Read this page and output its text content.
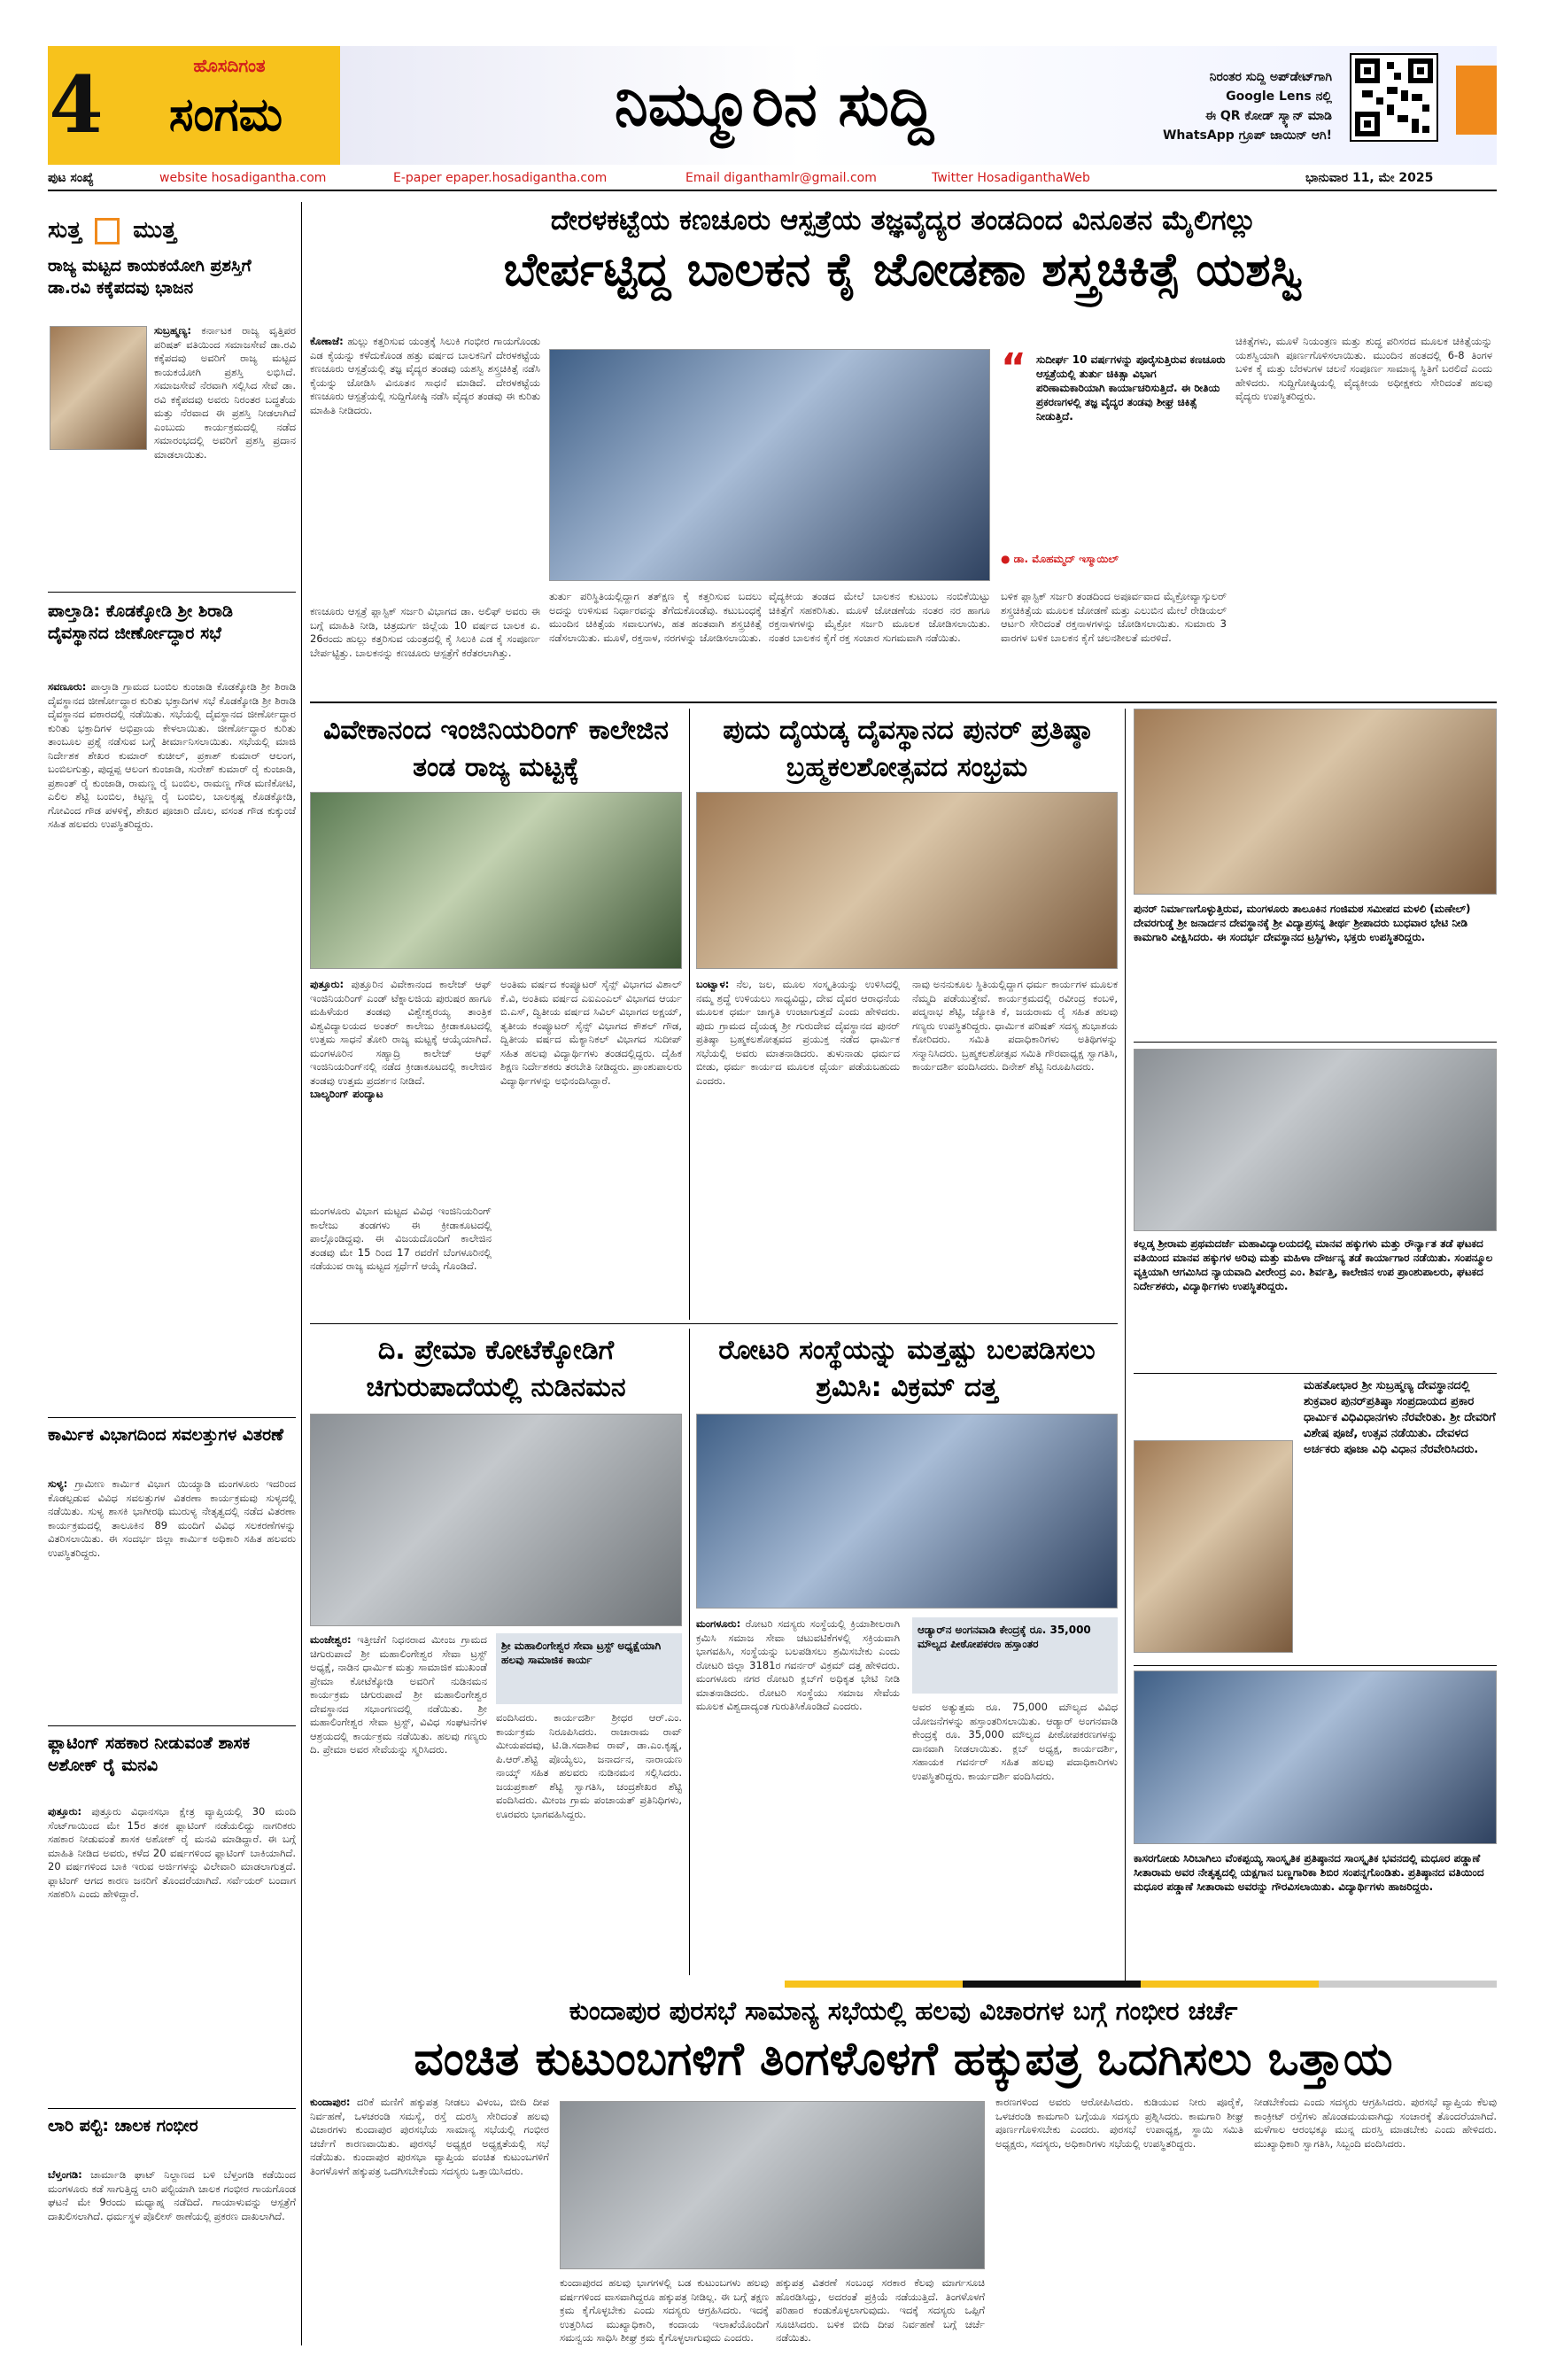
4	ಹೊಸದಿಗಂತ
ಸಂಗಮ	ನಿಮ್ಮೂರಿನ ಸುದ್ದಿ	ನಿರಂತರ ಸುದ್ದಿ ಅಪ್‌ಡೇಟ್‌ಗಾಗಿ
Google Lens ನಲ್ಲಿ
ಈ QR ಕೋಡ್ ಸ್ಕ್ಯಾನ್ ಮಾಡಿ
WhatsApp ಗ್ರೂಪ್ ಜಾಯಿನ್ ಆಗಿ!
ಪುಟ ಸಂಖ್ಯೆ	website hosadigantha.com	E-paper epaper.hosadigantha.com	Email diganthamlr@gmail.com	Twitter HosadiganthaWeb	ಭಾನುವಾರ 11, ಮೇ 2025
ಸುತ್ತ ಮುತ್ತ
ರಾಜ್ಯ ಮಟ್ಟದ ಕಾಯಕಯೋಗಿ ಪ್ರಶಸ್ತಿಗೆ ಡಾ.ರವಿ ಕಕ್ಕೆಪದವು ಭಾಜನ
ಸುಬ್ರಹ್ಮಣ್ಯ: ಕರ್ನಾಟಕ ರಾಜ್ಯ ವೃತ್ತಿಪರ ಪರಿಷತ್ ವತಿಯಿಂದ ಸಮಾಜಸೇವೆ ಡಾ.ರವಿ ಕಕ್ಕೆಪದವು ಅವರಿಗೆ ರಾಜ್ಯ ಮಟ್ಟದ ಕಾಯಕಯೋಗಿ ಪ್ರಶಸ್ತಿ ಲಭಿಸಿದೆ. ಸಮಾಜಸೇವೆ ನೆರವಾಗಿ ಸಲ್ಲಿಸಿದ ಸೇವೆ ಡಾ. ರವಿ ಕಕ್ಕೆಪದವು ಅವರು ನಿರಂತರ ಬದ್ಧತೆಯ ಮತ್ತು ನೆರವಾದ ಈ ಪ್ರಶಸ್ತಿ ನೀಡಲಾಗಿದೆ ಎಂಬುದು ಕಾರ್ಯಕ್ರಮದಲ್ಲಿ ನಡೆದ ಸಮಾರಂಭದಲ್ಲಿ ಅವರಿಗೆ ಪ್ರಶಸ್ತಿ ಪ್ರದಾನ ಮಾಡಲಾಯಿತು.
ಪಾಲ್ತಾಡಿ: ಕೊಡಕ್ಕೋಡಿ ಶ್ರೀ ಶಿರಾಡಿ ದೈವಸ್ಥಾನದ ಜೀರ್ಣೋದ್ಧಾರ ಸಭೆ
ಸವಣೂರು: ಪಾಲ್ತಾಡಿ ಗ್ರಾಮದ ಬಂಬಿಲ ಕುಂಜಾಡಿ ಕೊಡಕ್ಕೋಡಿ ಶ್ರೀ ಶಿರಾಡಿ ದೈವಸ್ಥಾನದ ಜೀರ್ಣೋದ್ಧಾರ ಕುರಿತು ಭಕ್ತಾದಿಗಳ ಸಭೆ ಕೊಡಕ್ಕೋಡಿ ಶ್ರೀ ಶಿರಾಡಿ ದೈವಸ್ಥಾನದ ವಠಾರದಲ್ಲಿ ನಡೆಯಿತು. ಸಭೆಯಲ್ಲಿ ದೈವಸ್ಥಾನದ ಜೀರ್ಣೋದ್ಧಾರ ಕುರಿತು ಭಕ್ತಾದಿಗಳ ಅಭಿಪ್ರಾಯ ಕೇಳಲಾಯಿತು. ಜೀರ್ಣೋದ್ಧಾರ ಕುರಿತು ತಾಂಬೂಲ ಪ್ರಶ್ನೆ ನಡೆಸುವ ಬಗ್ಗೆ ತೀರ್ಮಾನಿಸಲಾಯಿತು. ಸಭೆಯಲ್ಲಿ ಮಾಜಿ ನಿರ್ದೇಶಕ ಶೇಖರ ಕುಮಾರ್ ಕುಚೀಲ್, ಪ್ರಕಾಶ್ ಕುಮಾರ್ ಆಲಂಗ, ಬಂಬಿಲಗುತ್ತು, ಪುದ್ದಪ್ಪ ಆಲಂಗ ಕುಂಜಾಡಿ, ಸುರೇಶ್ ಕುಮಾರ್ ರೈ ಕುಂಜಾಡಿ, ಪ್ರಶಾಂತ್ ರೈ ಕುಂಜಾಡಿ, ರಾಮಣ್ಣ ರೈ ಬಂಬಿಲ, ರಾಮಣ್ಣ ಗೌಡ ಮಣಿಕೋಟಿ, ಎಲಿಲ ಶೆಟ್ಟಿ ಬಂಬಿಲ, ಕಿಟ್ಟಣ್ಣ ರೈ ಬಂಬಿಲ, ಬಾಲಕೃಷ್ಣ ಕೊಡಕ್ಕೋಡಿ, ಗೋವಿಂದ ಗೌಡ ಪಳಳಿಕ್ಕೆ, ಶೇಖರ ಪೂಜಾರಿ ದೊಲ, ವಸಂತ ಗೌಡ ಕುಕ್ಕುಂಜೆ ಸಹಿತ ಹಲವರು ಉಪಸ್ಥಿತರಿದ್ದರು.
ಕಾರ್ಮಿಕ ವಿಭಾಗದಿಂದ ಸವಲತ್ತುಗಳ ವಿತರಣೆ
ಸುಳ್ಯ: ಗ್ರಾಮೀಣ ಕಾರ್ಮಿಕ ವಿಭಾಗ ಯಿಯ್ಯಾಡಿ ಮಂಗಳೂರು ಇದರಿಂದ ಕೊಡಲ್ಪಡುವ ವಿವಿಧ ಸವಲತ್ತುಗಳ ವಿತರಣಾ ಕಾರ್ಯಕ್ರಮವು ಸುಳ್ಯದಲ್ಲಿ ನಡೆಯಿತು. ಸುಳ್ಯ ಶಾಸಕಿ ಭಾಗೀರಥಿ ಮುರುಳ್ಯ ನೇತೃತ್ವದಲ್ಲಿ ನಡೆದ ವಿತರಣಾ ಕಾರ್ಯಕ್ರಮದಲ್ಲಿ ತಾಲೂಕಿನ 89 ಮಂದಿಗೆ ವಿವಿಧ ಸಲಕರಣೆಗಳನ್ನು ವಿತರಿಸಲಾಯಿತು. ಈ ಸಂದರ್ಭ ಜಿಲ್ಲಾ ಕಾರ್ಮಿಕ ಅಧಿಕಾರಿ ಸಹಿತ ಹಲವರು ಉಪಸ್ಥಿತರಿದ್ದರು.
ಫ್ಲಾಟಿಂಗ್ ಸಹಕಾರ ನೀಡುವಂತೆ ಶಾಸಕ ಅಶೋಕ್ ರೈ ಮನವಿ
ಪುತ್ತೂರು: ಪುತ್ತೂರು ವಿಧಾನಸಭಾ ಕ್ಷೇತ್ರ ವ್ಯಾಪ್ತಿಯಲ್ಲಿ 30 ಮಂದಿ ಸೆಂಟ್‌ಗಾಯಿಂದ ಮೇ 15ರ ತನಕ ಫ್ಲಾಟಿಂಗ್ ನಡೆಯಲಿದ್ದು ನಾಗರಿಕರು ಸಹಕಾರ ನೀಡುವಂತೆ ಶಾಸಕ ಅಶೋಕ್ ರೈ ಮನವಿ ಮಾಡಿದ್ದಾರೆ. ಈ ಬಗ್ಗೆ ಮಾಹಿತಿ ನೀಡಿದ ಅವರು, ಕಳೆದ 20 ವರ್ಷಗಳಿಂದ ಫ್ಲಾಟಿಂಗ್ ಬಾಕಿಯಾಗಿದೆ. 20 ವರ್ಷಗಳಿಂದ ಬಾಕಿ ಇರುವ ಅರ್ಜಿಗಳನ್ನು ವಿಲೇವಾರಿ ಮಾಡಲಾಗುತ್ತದೆ. ಫ್ಲಾಟಿಂಗ್ ಆಗದ ಕಾರಣ ಜನರಿಗೆ ತೊಂದರೆಯಾಗಿದೆ. ಸರ್ವೆಯರ್ ಬಂದಾಗ ಸಹಕರಿಸಿ ಎಂದು ಹೇಳಿದ್ದಾರೆ.
ಲಾರಿ ಪಲ್ಟಿ: ಚಾಲಕ ಗಂಭೀರ
ಬೆಳ್ತಂಗಡಿ: ಚಾರ್ಮಾಡಿ ಘಾಟ್ ನಿಲ್ದಾಣದ ಬಳಿ ಬೆಳ್ತಂಗಡಿ ಕಡೆಯಿಂದ ಮಂಗಳೂರು ಕಡೆ ಸಾಗುತ್ತಿದ್ದ ಲಾರಿ ಪಲ್ಟಿಯಾಗಿ ಚಾಲಕ ಗಂಭೀರ ಗಾಯಗೊಂಡ ಘಟನೆ ಮೇ 9ರಂದು ಮಧ್ಯಾಹ್ನ ನಡೆದಿದೆ. ಗಾಯಾಳುವನ್ನು ಆಸ್ಪತ್ರೆಗೆ ದಾಖಲಿಸಲಾಗಿದೆ. ಧರ್ಮಸ್ಥಳ ಪೊಲೀಸ್ ಠಾಣೆಯಲ್ಲಿ ಪ್ರಕರಣ ದಾಖಲಾಗಿದೆ.
ದೇರಳಕಟ್ಟೆಯ ಕಣಚೂರು ಆಸ್ಪತ್ರೆಯ ತಜ್ಞವೈದ್ಯರ ತಂಡದಿಂದ ವಿನೂತನ ಮೈಲಿಗಲ್ಲು
ಬೇರ್ಪಟ್ಟಿದ್ದ ಬಾಲಕನ ಕೈ ಜೋಡಣಾ ಶಸ್ತ್ರಚಿಕಿತ್ಸೆ ಯಶಸ್ವಿ
ಕೊಣಾಜೆ: ಹುಲ್ಲು ಕತ್ತರಿಸುವ ಯಂತ್ರಕ್ಕೆ ಸಿಲುಕಿ ಗಂಭೀರ ಗಾಯಗೊಂಡು ಎಡ ಕೈಯನ್ನು ಕಳೆದುಕೊಂಡ ಹತ್ತು ವರ್ಷದ ಬಾಲಕನಿಗೆ ದೇರಳಕಟ್ಟೆಯ ಕಣಚೂರು ಆಸ್ಪತ್ರೆಯಲ್ಲಿ ತಜ್ಞ ವೈದ್ಯರ ತಂಡವು ಯಶಸ್ವಿ ಶಸ್ತ್ರಚಿಕಿತ್ಸೆ ನಡೆಸಿ ಕೈಯನ್ನು ಜೋಡಿಸಿ ವಿನೂತನ ಸಾಧನೆ ಮಾಡಿದೆ. ದೇರಳಕಟ್ಟೆಯ ಕಣಚೂರು ಆಸ್ಪತ್ರೆಯಲ್ಲಿ ಸುದ್ದಿಗೋಷ್ಠಿ ನಡೆಸಿ ವೈದ್ಯರ ತಂಡವು ಈ ಕುರಿತು ಮಾಹಿತಿ ನೀಡಿದರು.
ಕಣಚೂರು ಆಸ್ಪತ್ರೆ ಪ್ಲಾಸ್ಟಿಕ್ ಸರ್ಜರಿ ವಿಭಾಗದ ಡಾ. ಅಲಿಫ್ ಅವರು ಈ ಬಗ್ಗೆ ಮಾಹಿತಿ ನೀಡಿ, ಚಿತ್ರದುರ್ಗ ಜಿಲ್ಲೆಯ 10 ವರ್ಷದ ಬಾಲಕ ಏ. 26ರಂದು ಹುಲ್ಲು ಕತ್ತರಿಸುವ ಯಂತ್ರದಲ್ಲಿ ಕೈ ಸಿಲುಕಿ ಎಡ ಕೈ ಸಂಪೂರ್ಣ ಬೇರ್ಪಟ್ಟಿತ್ತು. ಬಾಲಕನನ್ನು ಕಣಚೂರು ಆಸ್ಪತ್ರೆಗೆ ಕರೆತರಲಾಗಿತ್ತು.
ತುರ್ತು ಪರಿಸ್ಥಿತಿಯಲ್ಲಿದ್ದಾಗ ತತ್‌ಕ್ಷಣ ಕೈ ಕತ್ತರಿಸುವ ಬದಲು ಅದನ್ನು ಉಳಿಸುವ ನಿರ್ಧಾರವನ್ನು ತೆಗೆದುಕೊಂಡೆವು. ಕಟುಬಂಧಕ್ಕೆ ಮುಂದಿನ ಚಿಕಿತ್ಸೆಯ ಸವಾಲುಗಳು, ಹತ ಹಂತವಾಗಿ ಶಸ್ತ್ರಚಿಕಿತ್ಸೆ ನಡೆಸಲಾಯಿತು. ಮೂಳೆ, ರಕ್ತನಾಳ, ನರಗಳನ್ನು ಜೋಡಿಸಲಾಯಿತು.
ವೈದ್ಯಕೀಯ ತಂಡದ ಮೇಲೆ ಬಾಲಕನ ಕುಟುಂಬ ನಂಬಿಕೆಯಿಟ್ಟು ಚಿಕಿತ್ಸೆಗೆ ಸಹಕರಿಸಿತು. ಮೂಳೆ ಜೋಡಣೆಯ ನಂತರ ನರ ಹಾಗೂ ರಕ್ತನಾಳಗಳನ್ನು ಮೈಕ್ರೋ ಸರ್ಜರಿ ಮೂಲಕ ಜೋಡಿಸಲಾಯಿತು. ನಂತರ ಬಾಲಕನ ಕೈಗೆ ರಕ್ತ ಸಂಚಾರ ಸುಗಮವಾಗಿ ನಡೆಯಿತು.
“ ಸುದೀರ್ಘ 10 ವರ್ಷಗಳನ್ನು ಪೂರೈಸುತ್ತಿರುವ ಕಣಚೂರು ಆಸ್ಪತ್ರೆಯಲ್ಲಿ ತುರ್ತು ಚಿಕಿತ್ಸಾ ವಿಭಾಗ ಪರಿಣಾಮಕಾರಿಯಾಗಿ ಕಾರ್ಯಾಚರಿಸುತ್ತಿದೆ. ಈ ರೀತಿಯ ಪ್ರಕರಣಗಳಲ್ಲಿ ತಜ್ಞ ವೈದ್ಯರ ತಂಡವು ಶೀಘ್ರ ಚಿಕಿತ್ಸೆ ನೀಡುತ್ತಿದೆ.
● ಡಾ. ಮೊಹಮ್ಮದ್ ಇಸ್ಮಾಯಿಲ್
ಬಳಿಕ ಪ್ಲಾಸ್ಟಿಕ್ ಸರ್ಜರಿ ತಂಡದಿಂದ ಅಪೂರ್ವವಾದ ಮೈಕ್ರೋವ್ಯಾಸ್ಕುಲರ್ ಶಸ್ತ್ರಚಿಕಿತ್ಸೆಯ ಮೂಲಕ ಜೋಡಣೆ ಮತ್ತು ಎಲುಬಿನ ಮೇಲೆ ರೇಡಿಯಲ್ ಆರ್ಟರಿ ಸೇರಿದಂತೆ ರಕ್ತನಾಳಗಳನ್ನು ಜೋಡಿಸಲಾಯಿತು. ಸುಮಾರು 3 ವಾರಗಳ ಬಳಿಕ ಬಾಲಕನ ಕೈಗೆ ಚಲನಶೀಲತೆ ಮರಳಿದೆ.
ಚಿಕಿತ್ಸೆಗಳು, ಮೂಳೆ ನಿಯಂತ್ರಣ ಮತ್ತು ಶುದ್ಧ ಪರಿಸರದ ಮೂಲಕ ಚಿಕಿತ್ಸೆಯನ್ನು ಯಶಸ್ವಿಯಾಗಿ ಪೂರ್ಣಗೊಳಿಸಲಾಯಿತು. ಮುಂದಿನ ಹಂತದಲ್ಲಿ 6-8 ತಿಂಗಳ ಬಳಿಕ ಕೈ ಮತ್ತು ಬೆರಳುಗಳ ಚಲನೆ ಸಂಪೂರ್ಣ ಸಾಮಾನ್ಯ ಸ್ಥಿತಿಗೆ ಬರಲಿದೆ ಎಂದು ಹೇಳಿದರು. ಸುದ್ದಿಗೋಷ್ಠಿಯಲ್ಲಿ ವೈದ್ಯಕೀಯ ಅಧೀಕ್ಷಕರು ಸೇರಿದಂತೆ ಹಲವು ವೈದ್ಯರು ಉಪಸ್ಥಿತರಿದ್ದರು.
ವಿವೇಕಾನಂದ ಇಂಜಿನಿಯರಿಂಗ್ ಕಾಲೇಜಿನ ತಂಡ ರಾಜ್ಯ ಮಟ್ಟಕ್ಕೆ
ಪುತ್ತೂರು: ಪುತ್ತೂರಿನ ವಿವೇಕಾನಂದ ಕಾಲೇಜ್ ಆಫ್ ಇಂಜಿನಿಯರಿಂಗ್ ಎಂಡ್ ಟೆಕ್ನಾಲಜಿಯ ಪುರುಷರ ಹಾಗೂ ಮಹಿಳೆಯರ ತಂಡವು ವಿಶ್ವೇಶ್ವರಯ್ಯ ತಾಂತ್ರಿಕ ವಿಶ್ವವಿದ್ಯಾಲಯದ ಅಂತರ್ ಕಾಲೇಜು ಕ್ರೀಡಾಕೂಟದಲ್ಲಿ ಉತ್ತಮ ಸಾಧನೆ ತೋರಿ ರಾಜ್ಯ ಮಟ್ಟಕ್ಕೆ ಆಯ್ಕೆಯಾಗಿದೆ. ಮಂಗಳೂರಿನ ಸಹ್ಯಾದ್ರಿ ಕಾಲೇಜ್ ಆಫ್ ಇಂಜಿನಿಯರಿಂಗ್‌ನಲ್ಲಿ ನಡೆದ ಕ್ರೀಡಾಕೂಟದಲ್ಲಿ ಕಾಲೇಜಿನ ತಂಡವು ಉತ್ತಮ ಪ್ರದರ್ಶನ ನೀಡಿದೆ.
ಬಾಲ್ಯರಿಂಗ್ ಪಂದ್ಯಾಟ
ಮಂಗಳೂರು ವಿಭಾಗ ಮಟ್ಟದ ವಿವಿಧ ಇಂಜಿನಿಯರಿಂಗ್ ಕಾಲೇಜು ತಂಡಗಳು ಈ ಕ್ರೀಡಾಕೂಟದಲ್ಲಿ ಪಾಲ್ಗೊಂಡಿದ್ದವು. ಈ ವಿಜಯದೊಂದಿಗೆ ಕಾಲೇಜಿನ ತಂಡವು ಮೇ 15 ರಿಂದ 17 ರವರೆಗೆ ಬೆಂಗಳೂರಿನಲ್ಲಿ ನಡೆಯುವ ರಾಜ್ಯ ಮಟ್ಟದ ಸ್ಪರ್ಧೆಗೆ ಆಯ್ಕೆ ಗೊಂಡಿದೆ.
ಅಂತಿಮ ವರ್ಷದ ಕಂಪ್ಯೂಟರ್ ಸೈನ್ಸ್ ವಿಭಾಗದ ವಿಶಾಲ್ ಕೆ.ವಿ, ಅಂತಿಮ ವರ್ಷದ ಎಐಎಂಎಲ್ ವಿಭಾಗದ ಆರ್ಯ ಬಿ.ಎಸ್, ದ್ವಿತೀಯ ವರ್ಷದ ಸಿವಿಲ್ ವಿಭಾಗದ ಅಕ್ಷಯ್, ತೃತೀಯ ಕಂಪ್ಯೂಟರ್ ಸೈನ್ಸ್ ವಿಭಾಗದ ಕೌಶಲ್ ಗೌಡ, ದ್ವಿತೀಯ ವರ್ಷದ ಮೆಕ್ಯಾನಿಕಲ್ ವಿಭಾಗದ ಸುದೀಪ್ ಸಹಿತ ಹಲವು ವಿದ್ಯಾರ್ಥಿಗಳು ತಂಡದಲ್ಲಿದ್ದರು. ದೈಹಿಕ ಶಿಕ್ಷಣ ನಿರ್ದೇಶಕರು ತರಬೇತಿ ನೀಡಿದ್ದರು. ಪ್ರಾಂಶುಪಾಲರು ವಿದ್ಯಾರ್ಥಿಗಳನ್ನು ಅಭಿನಂದಿಸಿದ್ದಾರೆ.
ಪುದು ದೈಯಡ್ಕ ದೈವಸ್ಥಾನದ ಪುನರ್ ಪ್ರತಿಷ್ಠಾ ಬ್ರಹ್ಮಕಲಶೋತ್ಸವದ ಸಂಭ್ರಮ
ಬಂಟ್ವಾಳ: ನೆಲ, ಜಲ, ಮೂಲ ಸಂಸ್ಕೃತಿಯನ್ನು ಉಳಿಸಿದಲ್ಲಿ ನಮ್ಮ ಶ್ರದ್ಧೆ ಉಳಿಯಲು ಸಾಧ್ಯವಿದ್ದು, ದೇವ ದೈವರ ಆರಾಧನೆಯ ಮೂಲಕ ಧರ್ಮ ಜಾಗೃತಿ ಉಂಟಾಗುತ್ತದೆ ಎಂದು ಹೇಳಿದರು. ಪುದು ಗ್ರಾಮದ ದೈಯಡ್ಕ ಶ್ರೀ ಗುರುದೇವ ದೈವಸ್ಥಾನದ ಪುನರ್ ಪ್ರತಿಷ್ಠಾ ಬ್ರಹ್ಮಕಲಶೋತ್ಸವದ ಪ್ರಯುಕ್ತ ನಡೆದ ಧಾರ್ಮಿಕ ಸಭೆಯಲ್ಲಿ ಅವರು ಮಾತನಾಡಿದರು. ತುಳುನಾಡು ಧರ್ಮದ ಬೀಡು, ಧರ್ಮ ಕಾರ್ಯದ ಮೂಲಕ ಧೈರ್ಯ ಪಡೆಯಬಹುದು ಎಂದರು.
ನಾವು ಅನನುಕೂಲ ಸ್ಥಿತಿಯಲ್ಲಿದ್ದಾಗ ಧರ್ಮ ಕಾರ್ಯಗಳ ಮೂಲಕ ನೆಮ್ಮದಿ ಪಡೆಯುತ್ತೇವೆ. ಕಾರ್ಯಕ್ರಮದಲ್ಲಿ ರವೀಂದ್ರ ಕಂಬಳಿ, ಪದ್ಮನಾಭ ಶೆಟ್ಟಿ, ಜ್ಯೋತಿ ಕೆ, ಜಯರಾಮ ರೈ ಸಹಿತ ಹಲವು ಗಣ್ಯರು ಉಪಸ್ಥಿತರಿದ್ದರು. ಧಾರ್ಮಿಕ ಪರಿಷತ್ ಸದಸ್ಯ ಶುಭಾಶಯ ಕೋರಿದರು. ಸಮಿತಿ ಪದಾಧಿಕಾರಿಗಳು ಅತಿಥಿಗಳನ್ನು ಸನ್ಮಾನಿಸಿದರು. ಬ್ರಹ್ಮಕಲಶೋತ್ಸವ ಸಮಿತಿ ಗೌರವಾಧ್ಯಕ್ಷ ಸ್ವಾಗತಿಸಿ, ಕಾರ್ಯದರ್ಶಿ ವಂದಿಸಿದರು. ದಿನೇಶ್ ಶೆಟ್ಟಿ ನಿರೂಪಿಸಿದರು.
ಪುನರ್ ನಿರ್ಮಾಣಗೊಳ್ಳುತ್ತಿರುವ, ಮಂಗಳೂರು ತಾಲೂಕಿನ ಗಂಜಿಮಠ ಸಮೀಪದ ಮಳಲಿ (ಮಣೇಲ್) ದೇವರಗುಡ್ಡೆ ಶ್ರೀ ಜನಾರ್ದನ ದೇವಸ್ಥಾನಕ್ಕೆ ಶ್ರೀ ವಿದ್ಯಾಪ್ರಸನ್ನ ತೀರ್ಥ ಶ್ರೀಪಾದರು ಬುಧವಾರ ಭೇಟಿ ನೀಡಿ ಕಾಮಗಾರಿ ವೀಕ್ಷಿಸಿದರು. ಈ ಸಂದರ್ಭ ದೇವಸ್ಥಾನದ ಟ್ರಸ್ಟಿಗಳು, ಭಕ್ತರು ಉಪಸ್ಥಿತರಿದ್ದರು.
ಕಲ್ಲಡ್ಕ ಶ್ರೀರಾಮ ಪ್ರಥಮದರ್ಜೆ ಮಹಾವಿದ್ಯಾಲಯದಲ್ಲಿ ಮಾನವ ಹಕ್ಕುಗಳು ಮತ್ತು ರೌರ್ನ್ಯಾತ ತಡೆ ಘಟಕದ ವತಿಯಿಂದ ಮಾನವ ಹಕ್ಕುಗಳ ಅರಿವು ಮತ್ತು ಮಹಿಳಾ ದೌರ್ಜನ್ಯ ತಡೆ ಕಾರ್ಯಾಗಾರ ನಡೆಯಿತು. ಸಂಪನ್ಮೂಲ ವ್ಯಕ್ತಿಯಾಗಿ ಆಗಮಿಸಿದ ನ್ಯಾಯವಾದಿ ವೀರೇಂದ್ರ ಎಂ. ಶಿರ್ವತ್ತಿ, ಕಾಲೇಜಿನ ಉಪ ಪ್ರಾಂಶುಪಾಲರು, ಘಟಕದ ನಿರ್ದೇಶಕರು, ವಿದ್ಯಾರ್ಥಿಗಳು ಉಪಸ್ಥಿತರಿದ್ದರು.
ಮಹತೋಭಾರ ಶ್ರೀ ಸುಬ್ರಹ್ಮಣ್ಯ ದೇವಸ್ಥಾನದಲ್ಲಿ ಶುಕ್ರವಾರ ಪುನರ್‌ಪ್ರತಿಷ್ಠಾ ಸಂಪ್ರದಾಯದ ಪ್ರಕಾರ ಧಾರ್ಮಿಕ ವಿಧಿವಿಧಾನಗಳು ನೆರವೇರಿತು. ಶ್ರೀ ದೇವರಿಗೆ ವಿಶೇಷ ಪೂಜೆ, ಉತ್ಸವ ನಡೆಯಿತು. ದೇವಳದ ಅರ್ಚಕರು ಪೂಜಾ ವಿಧಿ ವಿಧಾನ ನೆರವೇರಿಸಿದರು.
ಕಾಸರಗೋಡು ಸಿರಿಬಾಗಿಲು ವೆಂಕಪ್ಪಯ್ಯ ಸಾಂಸ್ಕೃತಿಕ ಪ್ರತಿಷ್ಠಾನದ ಸಾಂಸ್ಕೃತಿಕ ಭವನದಲ್ಲಿ ಮಧೂರ ಪಡ್ಡಾಣೆ ಸೀತಾರಾಮ ಅವರ ನೇತೃತ್ವದಲ್ಲಿ ಯಕ್ಷಗಾನ ಬಣ್ಣಗಾರಿಕಾ ಶಿಬಿರ ಸಂಪನ್ನಗೊಂಡಿತು. ಪ್ರತಿಷ್ಠಾನದ ವತಿಯಿಂದ ಮಧೂರ ಪಡ್ಡಾಣೆ ಸೀತಾರಾಮ ಅವರನ್ನು ಗೌರವಿಸಲಾಯಿತು. ವಿದ್ಯಾರ್ಥಿಗಳು ಹಾಜರಿದ್ದರು.
ದಿ. ಪ್ರೇಮಾ ಕೋಟೆಕ್ಕೋಡಿಗೆ ಚಿಗುರುಪಾದೆಯಲ್ಲಿ ನುಡಿನಮನ
ಮಂಜೇಶ್ವರ: ಇತ್ತೀಚೆಗೆ ನಿಧನರಾದ ಮೀಂಜ ಗ್ರಾಮದ ಚಿಗುರುಪಾದೆ ಶ್ರೀ ಮಹಾಲಿಂಗೇಶ್ವರ ಸೇವಾ ಟ್ರಸ್ಟ್ ಅಧ್ಯಕ್ಷೆ, ನಾಡಿನ ಧಾರ್ಮಿಕ ಮತ್ತು ಸಾಮಾಜಿಕ ಮುಖಂಡೆ ಪ್ರೇಮಾ ಕೋಟೆಕ್ಕೋಡಿ ಅವರಿಗೆ ನುಡಿನಮನ ಕಾರ್ಯಕ್ರಮ ಚಿಗುರುಪಾದೆ ಶ್ರೀ ಮಹಾಲಿಂಗೇಶ್ವರ ದೇವಸ್ಥಾನದ ಸಭಾಂಗಣದಲ್ಲಿ ನಡೆಯಿತು. ಶ್ರೀ ಮಹಾಲಿಂಗೇಶ್ವರ ಸೇವಾ ಟ್ರಸ್ಟ್, ವಿವಿಧ ಸಂಘಟನೆಗಳ ಆಶ್ರಯದಲ್ಲಿ ಕಾರ್ಯಕ್ರಮ ನಡೆಯಿತು. ಹಲವು ಗಣ್ಯರು ದಿ. ಪ್ರೇಮಾ ಅವರ ಸೇವೆಯನ್ನು ಸ್ಮರಿಸಿದರು.
ಶ್ರೀ ಮಹಾಲಿಂಗೇಶ್ವರ ಸೇವಾ ಟ್ರಸ್ಟ್ ಅಧ್ಯಕ್ಷೆಯಾಗಿ ಹಲವು ಸಾಮಾಜಿಕ ಕಾರ್ಯ
ವಂದಿಸಿದರು. ಕಾರ್ಯದರ್ಶಿ ಶ್ರೀಧರ ಆರ್.ಎಂ. ಕಾರ್ಯಕ್ರಮ ನಿರೂಪಿಸಿದರು. ರಾಜಾರಾಮ ರಾವ್ ಮೀಯಪದವು, ಟಿ.ಡಿ.ಸದಾಶಿವ ರಾವ್, ಡಾ.ಎಂ.ಕೃಷ್ಣ, ಪಿ.ಆರ್.ಶೆಟ್ಟಿ ಪೊಯ್ಯೆಲು, ಜನಾರ್ದನ, ನಾರಾಯಣ ನಾಯ್ಕ್ ಸಹಿತ ಹಲವರು ನುಡಿನಮನ ಸಲ್ಲಿಸಿದರು. ಜಯಪ್ರಕಾಶ್ ಶೆಟ್ಟಿ ಸ್ವಾಗತಿಸಿ, ಚಂದ್ರಶೇಖರ ಶೆಟ್ಟಿ ವಂದಿಸಿದರು. ಮೀಂಜ ಗ್ರಾಮ ಪಂಚಾಯತ್ ಪ್ರತಿನಿಧಿಗಳು, ಊರವರು ಭಾಗವಹಿಸಿದ್ದರು.
ರೋಟರಿ ಸಂಸ್ಥೆಯನ್ನು ಮತ್ತಷ್ಟು ಬಲಪಡಿಸಲು ಶ್ರಮಿಸಿ: ವಿಕ್ರಮ್ ದತ್ತ
ಮಂಗಳೂರು: ರೋಟರಿ ಸದಸ್ಯರು ಸಂಸ್ಥೆಯಲ್ಲಿ ಕ್ರಿಯಾಶೀಲರಾಗಿ ಕ್ರಮಿಸಿ ಸಮಾಜ ಸೇವಾ ಚಟುವಟಿಕೆಗಳಲ್ಲಿ ಸಕ್ರಿಯವಾಗಿ ಭಾಗವಹಿಸಿ, ಸಂಸ್ಥೆಯನ್ನು ಬಲಪಡಿಸಲು ಶ್ರಮಿಸಬೇಕು ಎಂದು ರೋಟರಿ ಜಿಲ್ಲಾ 3181ರ ಗವರ್ನರ್ ವಿಕ್ರಮ್ ದತ್ತ ಹೇಳಿದರು. ಮಂಗಳೂರು ನಗರ ರೋಟರಿ ಕ್ಲಬ್‌ಗೆ ಅಧಿಕೃತ ಭೇಟಿ ನೀಡಿ ಮಾತನಾಡಿದರು. ರೋಟರಿ ಸಂಸ್ಥೆಯು ಸಮಾಜ ಸೇವೆಯ ಮೂಲಕ ವಿಶ್ವದಾದ್ಯಂತ ಗುರುತಿಸಿಕೊಂಡಿದೆ ಎಂದರು.
ಆಡ್ಯಾರ್‌ನ ಅಂಗನವಾಡಿ ಕೇಂದ್ರಕ್ಕೆ ರೂ. 35,000 ಮೌಲ್ಯದ ಪೀಠೋಪಕರಣ ಹಸ್ತಾಂತರ
ಅವರ ಅತ್ಯುತ್ತಮ ರೂ. 75,000 ಮೌಲ್ಯದ ವಿವಿಧ ಯೋಜನೆಗಳನ್ನು ಹಸ್ತಾಂತರಿಸಲಾಯಿತು. ಆಡ್ಯಾರ್ ಅಂಗನವಾಡಿ ಕೇಂದ್ರಕ್ಕೆ ರೂ. 35,000 ಮೌಲ್ಯದ ಪೀಠೋಪಕರಣಗಳನ್ನು ದಾನವಾಗಿ ನೀಡಲಾಯಿತು. ಕ್ಲಬ್ ಅಧ್ಯಕ್ಷ, ಕಾರ್ಯದರ್ಶಿ, ಸಹಾಯಕ ಗವರ್ನರ್ ಸಹಿತ ಹಲವು ಪದಾಧಿಕಾರಿಗಳು ಉಪಸ್ಥಿತರಿದ್ದರು. ಕಾರ್ಯದರ್ಶಿ ವಂದಿಸಿದರು.
ಕುಂದಾಪುರ ಪುರಸಭೆ ಸಾಮಾನ್ಯ ಸಭೆಯಲ್ಲಿ ಹಲವು ವಿಚಾರಗಳ ಬಗ್ಗೆ ಗಂಭೀರ ಚರ್ಚೆ
ವಂಚಿತ ಕುಟುಂಬಗಳಿಗೆ ತಿಂಗಳೊಳಗೆ ಹಕ್ಕುಪತ್ರ ಒದಗಿಸಲು ಒತ್ತಾಯ
ಕುಂದಾಪುರ: ದರಿಕೆ ಮಣಿಗೆ ಹಕ್ಕುಪತ್ರ ನೀಡಲು ವಿಳಂಬ, ಬೀದಿ ದೀಪ ನಿರ್ವಹಣೆ, ಒಳಚರಂಡಿ ಸಮಸ್ಯೆ, ರಸ್ತೆ ದುರಸ್ತಿ ಸೇರಿದಂತೆ ಹಲವು ವಿಚಾರಗಳು ಕುಂದಾಪುರ ಪುರಸಭೆಯ ಸಾಮಾನ್ಯ ಸಭೆಯಲ್ಲಿ ಗಂಭೀರ ಚರ್ಚೆಗೆ ಕಾರಣವಾಯಿತು. ಪುರಸಭೆ ಅಧ್ಯಕ್ಷರ ಅಧ್ಯಕ್ಷತೆಯಲ್ಲಿ ಸಭೆ ನಡೆಯಿತು. ಕುಂದಾಪುರ ಪುರಸಭಾ ವ್ಯಾಪ್ತಿಯ ವಂಚಿತ ಕುಟುಂಬಗಳಿಗೆ ತಿಂಗಳೊಳಗೆ ಹಕ್ಕುಪತ್ರ ಒದಗಿಸಬೇಕೆಂದು ಸದಸ್ಯರು ಒತ್ತಾಯಿಸಿದರು.
ಕುಂದಾಪುರದ ಹಲವು ಭಾಗಗಳಲ್ಲಿ ಬಡ ಕುಟುಂಬಗಳು ಹಲವು ವರ್ಷಗಳಿಂದ ವಾಸವಾಗಿದ್ದರೂ ಹಕ್ಕುಪತ್ರ ನೀಡಿಲ್ಲ. ಈ ಬಗ್ಗೆ ತಕ್ಷಣ ಕ್ರಮ ಕೈಗೊಳ್ಳಬೇಕು ಎಂದು ಸದಸ್ಯರು ಆಗ್ರಹಿಸಿದರು. ಇದಕ್ಕೆ ಉತ್ತರಿಸಿದ ಮುಖ್ಯಾಧಿಕಾರಿ, ಕಂದಾಯ ಇಲಾಖೆಯೊಂದಿಗೆ ಸಮನ್ವಯ ಸಾಧಿಸಿ ಶೀಘ್ರ ಕ್ರಮ ಕೈಗೊಳ್ಳಲಾಗುವುದು ಎಂದರು.
ಹಕ್ಕುಪತ್ರ ವಿತರಣೆ ಸಂಬಂಧ ಸರಕಾರ ಕೆಲವು ಮಾರ್ಗಸೂಚಿ ಹೊರಡಿಸಿದ್ದು, ಅದರಂತೆ ಪ್ರಕ್ರಿಯೆ ನಡೆಯುತ್ತಿದೆ. ತಿಂಗಳೊಳಗೆ ಪರಿಹಾರ ಕಂಡುಕೊಳ್ಳಲಾಗುವುದು. ಇದಕ್ಕೆ ಸದಸ್ಯರು ಒಪ್ಪಿಗೆ ಸೂಚಿಸಿದರು. ಬಳಿಕ ಬೀದಿ ದೀಪ ನಿರ್ವಹಣೆ ಬಗ್ಗೆ ಚರ್ಚೆ ನಡೆಯಿತು.
ಕಾರಣಗಳಿಂದ ಅವರು ಆರೋಪಿಸಿದರು. ಕುಡಿಯುವ ನೀರು ಪೂರೈಕೆ, ಒಳಚರಂಡಿ ಕಾಮಗಾರಿ ಬಗ್ಗೆಯೂ ಸದಸ್ಯರು ಪ್ರಶ್ನಿಸಿದರು. ಕಾಮಗಾರಿ ಶೀಘ್ರ ಪೂರ್ಣಗೊಳಿಸಬೇಕು ಎಂದರು. ಪುರಸಭೆ ಉಪಾಧ್ಯಕ್ಷ, ಸ್ಥಾಯಿ ಸಮಿತಿ ಅಧ್ಯಕ್ಷರು, ಸದಸ್ಯರು, ಅಧಿಕಾರಿಗಳು ಸಭೆಯಲ್ಲಿ ಉಪಸ್ಥಿತರಿದ್ದರು.
ನೀಡಬೇಕೆಂದು ಎಂದು ಸದಸ್ಯರು ಆಗ್ರಹಿಸಿದರು. ಪುರಸಭೆ ವ್ಯಾಪ್ತಿಯ ಕೆಲವು ಕಾಂಕ್ರೀಟ್ ರಸ್ತೆಗಳು ಹೊಂಡಮಯವಾಗಿದ್ದು ಸಂಚಾರಕ್ಕೆ ತೊಂದರೆಯಾಗಿದೆ. ಮಳೆಗಾಲ ಆರಂಭಕ್ಕೂ ಮುನ್ನ ದುರಸ್ತಿ ಮಾಡಬೇಕು ಎಂದು ಹೇಳಿದರು. ಮುಖ್ಯಾಧಿಕಾರಿ ಸ್ವಾಗತಿಸಿ, ಸಿಬ್ಬಂದಿ ವಂದಿಸಿದರು.
